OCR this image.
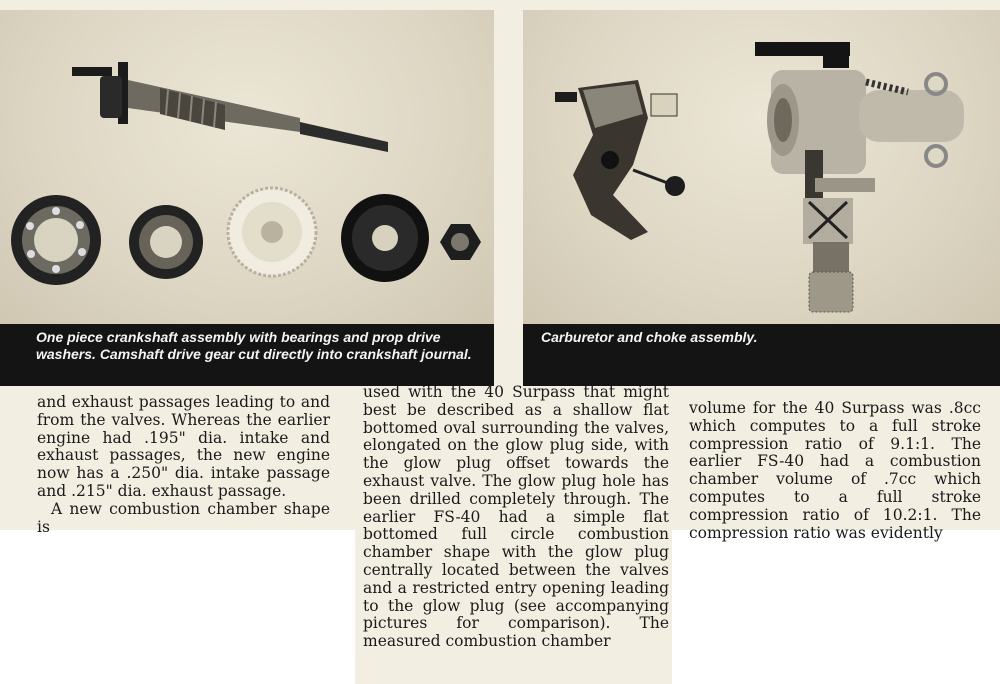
One piece crankshaft assembly with bearings and prop drive washers. Camshaft drive gear cut directly into crankshaft journal.
Carburetor and choke assembly.

and exhaust passages leading to and from the valves. Whereas the earlier engine had .195" dia. intake and exhaust passages, the new engine now has a .250" dia. intake passage and .215" dia. exhaust passage.

A new combustion chamber shape is

used with the 40 Surpass that might best be described as a shallow flat bottomed oval surrounding the valves, elongated on the glow plug side, with the glow plug offset towards the exhaust valve. The glow plug hole has been drilled completely through. The earlier FS-40 had a simple flat bottomed full circle combustion chamber shape with the glow plug centrally located between the valves and a restricted entry opening leading to the glow plug (see accompanying pictures for comparison). The measured combustion chamber

volume for the 40 Surpass was .8cc which computes to a full stroke compression ratio of 9.1:1. The earlier FS-40 had a combustion chamber volume of .7cc which computes to a full stroke compression ratio of 10.2:1. The compression ratio was evidently
